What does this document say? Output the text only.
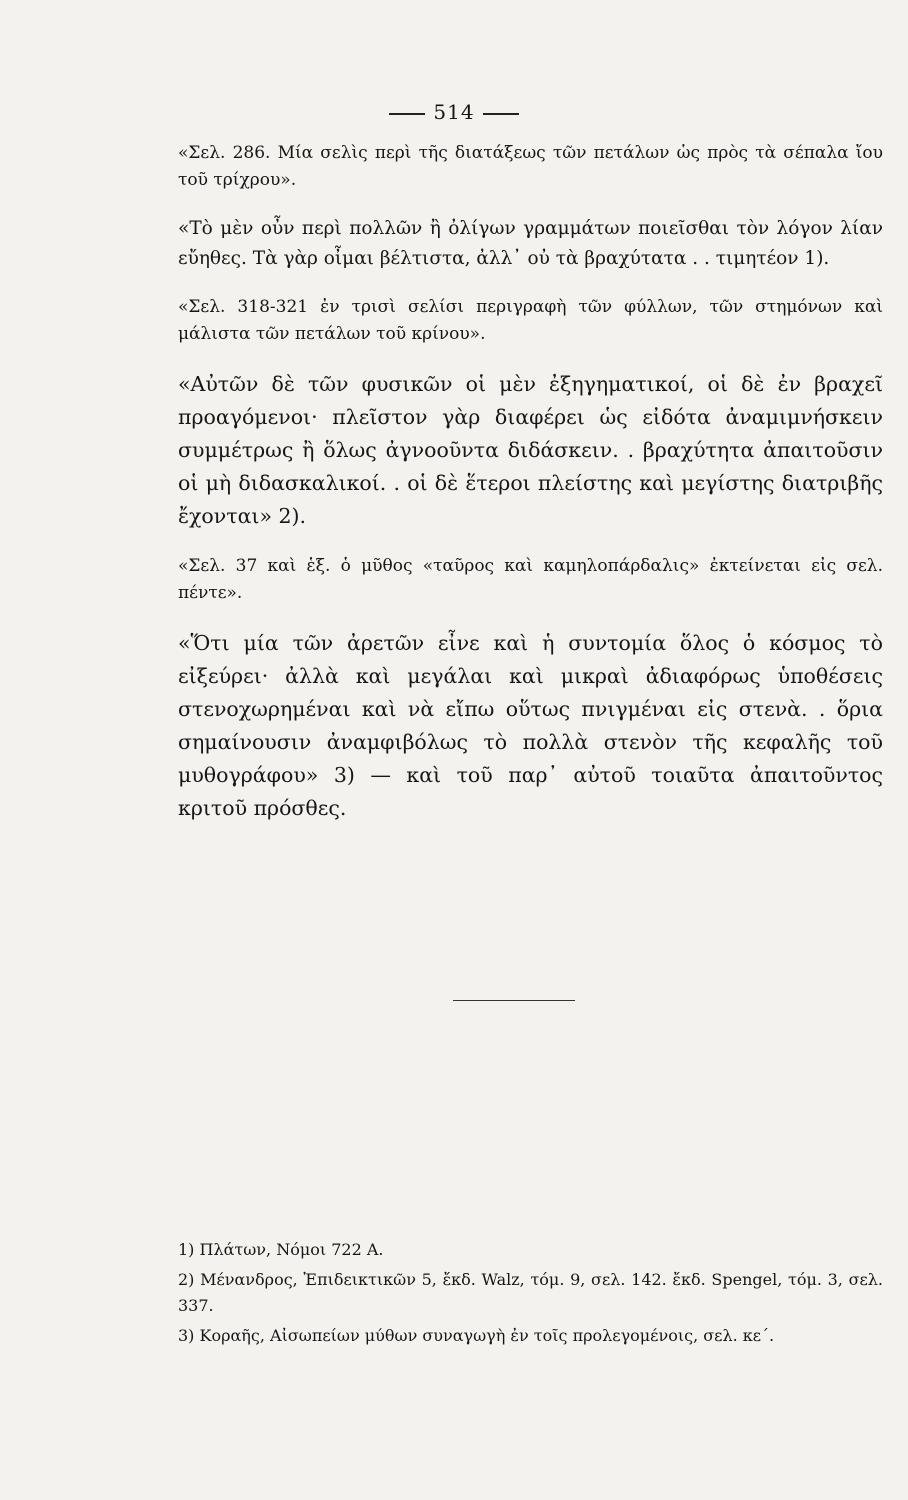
514

«Σελ. 286. Μία σελὶς περὶ τῆς διατάξεως τῶν πετάλων ὡς πρὸς τὰ σέπαλα ἴου τοῦ τρίχρου».

«Τὸ μὲν οὖν περὶ πολλῶν ἢ ὀλίγων γραμμάτων ποιεῖσθαι τὸν λόγον λίαν εὔηθες. Τὰ γὰρ οἶμαι βέλτιστα, ἀλλ᾽ οὐ τὰ βραχύτατα . . τιμητέον 1).

«Σελ. 318-321 ἐν τρισὶ σελίσι περιγραφὴ τῶν φύλλων, τῶν στημόνων καὶ μάλιστα τῶν πετάλων τοῦ κρίνου».

«Αὐτῶν δὲ τῶν φυσικῶν οἱ μὲν ἐξηγηματικοί, οἱ δὲ ἐν βραχεῖ προαγόμενοι· πλεῖστον γὰρ διαφέρει ὡς εἰδότα ἀναμιμνήσκειν συμμέτρως ἢ ὅλως ἀγνοοῦντα διδάσκειν. . βραχύτητα ἀπαιτοῦσιν οἱ μὴ διδασκαλικοί. . οἱ δὲ ἕτεροι πλείστης καὶ μεγίστης διατριβῆς ἔχονται» 2).

«Σελ. 37 καὶ ἑξ. ὁ μῦθος «ταῦρος καὶ καμηλοπάρδαλις» ἐκτείνεται εἰς σελ. πέντε».

«Ὅτι μία τῶν ἀρετῶν εἶνε καὶ ἡ συντομία ὅλος ὁ κόσμος τὸ εἰξεύρει· ἀλλὰ καὶ μεγάλαι καὶ μικραὶ ἀδιαφόρως ὑποθέσεις στενοχωρημέναι καὶ νὰ εἴπω οὕτως πνιγμέναι εἰς στενὰ. . ὅρια σημαίνουσιν ἀναμφιβόλως τὸ πολλὰ στενὸν τῆς κεφαλῆς τοῦ μυθογράφου» 3) — καὶ τοῦ παρ᾽ αὐτοῦ τοιαῦτα ἀπαιτοῦντος κριτοῦ πρόσθες.

1) Πλάτων, Νόμοι 722 Α.

2) Μένανδρος, Ἐπιδεικτικῶν 5, ἔκδ. Walz, τόμ. 9, σελ. 142. ἔκδ. Spengel, τόμ. 3, σελ. 337.

3) Κοραῆς, Αἰσωπείων μύθων συναγωγὴ ἐν τοῖς προλεγομένοις, σελ. κε΄.
